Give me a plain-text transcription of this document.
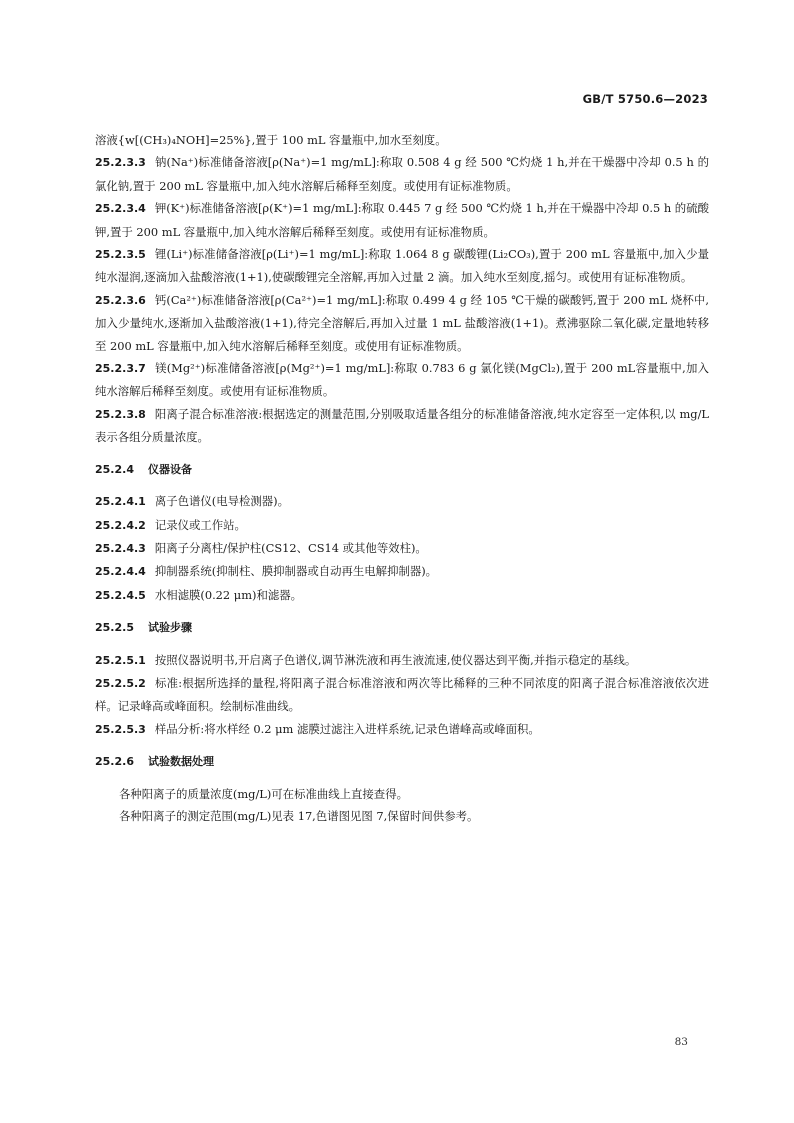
GB/T 5750.6—2023

溶液{w[(CH₃)₄NOH]=25%},置于 100 mL 容量瓶中,加水至刻度。

25.2.3.3 钠(Na⁺)标准储备溶液[ρ(Na⁺)=1 mg/mL]:称取 0.508 4 g 经 500 ℃灼烧 1 h,并在干燥器中冷却 0.5 h 的氯化钠,置于 200 mL 容量瓶中,加入纯水溶解后稀释至刻度。或使用有证标准物质。

25.2.3.4 钾(K⁺)标准储备溶液[ρ(K⁺)=1 mg/mL]:称取 0.445 7 g 经 500 ℃灼烧 1 h,并在干燥器中冷却 0.5 h 的硫酸钾,置于 200 mL 容量瓶中,加入纯水溶解后稀释至刻度。或使用有证标准物质。

25.2.3.5 锂(Li⁺)标准储备溶液[ρ(Li⁺)=1 mg/mL]:称取 1.064 8 g 碳酸锂(Li₂CO₃),置于 200 mL 容量瓶中,加入少量纯水湿润,逐滴加入盐酸溶液(1+1),使碳酸锂完全溶解,再加入过量 2 滴。加入纯水至刻度,摇匀。或使用有证标准物质。

25.2.3.6 钙(Ca²⁺)标准储备溶液[ρ(Ca²⁺)=1 mg/mL]:称取 0.499 4 g 经 105 ℃干燥的碳酸钙,置于 200 mL 烧杯中,加入少量纯水,逐渐加入盐酸溶液(1+1),待完全溶解后,再加入过量 1 mL 盐酸溶液(1+1)。煮沸驱除二氧化碳,定量地转移至 200 mL 容量瓶中,加入纯水溶解后稀释至刻度。或使用有证标准物质。

25.2.3.7 镁(Mg²⁺)标准储备溶液[ρ(Mg²⁺)=1 mg/mL]:称取 0.783 6 g 氯化镁(MgCl₂),置于 200 mL容量瓶中,加入纯水溶解后稀释至刻度。或使用有证标准物质。

25.2.3.8 阳离子混合标准溶液:根据选定的测量范围,分别吸取适量各组分的标准储备溶液,纯水定容至一定体积,以 mg/L 表示各组分质量浓度。

25.2.4 仪器设备

25.2.4.1 离子色谱仪(电导检测器)。

25.2.4.2 记录仪或工作站。

25.2.4.3 阳离子分离柱/保护柱(CS12、CS14 或其他等效柱)。

25.2.4.4 抑制器系统(抑制柱、膜抑制器或自动再生电解抑制器)。

25.2.4.5 水相滤膜(0.22 μm)和滤器。

25.2.5 试验步骤

25.2.5.1 按照仪器说明书,开启离子色谱仪,调节淋洗液和再生液流速,使仪器达到平衡,并指示稳定的基线。

25.2.5.2 标准:根据所选择的量程,将阳离子混合标准溶液和两次等比稀释的三种不同浓度的阳离子混合标准溶液依次进样。记录峰高或峰面积。绘制标准曲线。

25.2.5.3 样品分析:将水样经 0.2 μm 滤膜过滤注入进样系统,记录色谱峰高或峰面积。

25.2.6 试验数据处理

各种阳离子的质量浓度(mg/L)可在标准曲线上直接查得。

各种阳离子的测定范围(mg/L)见表 17,色谱图见图 7,保留时间供参考。

83
